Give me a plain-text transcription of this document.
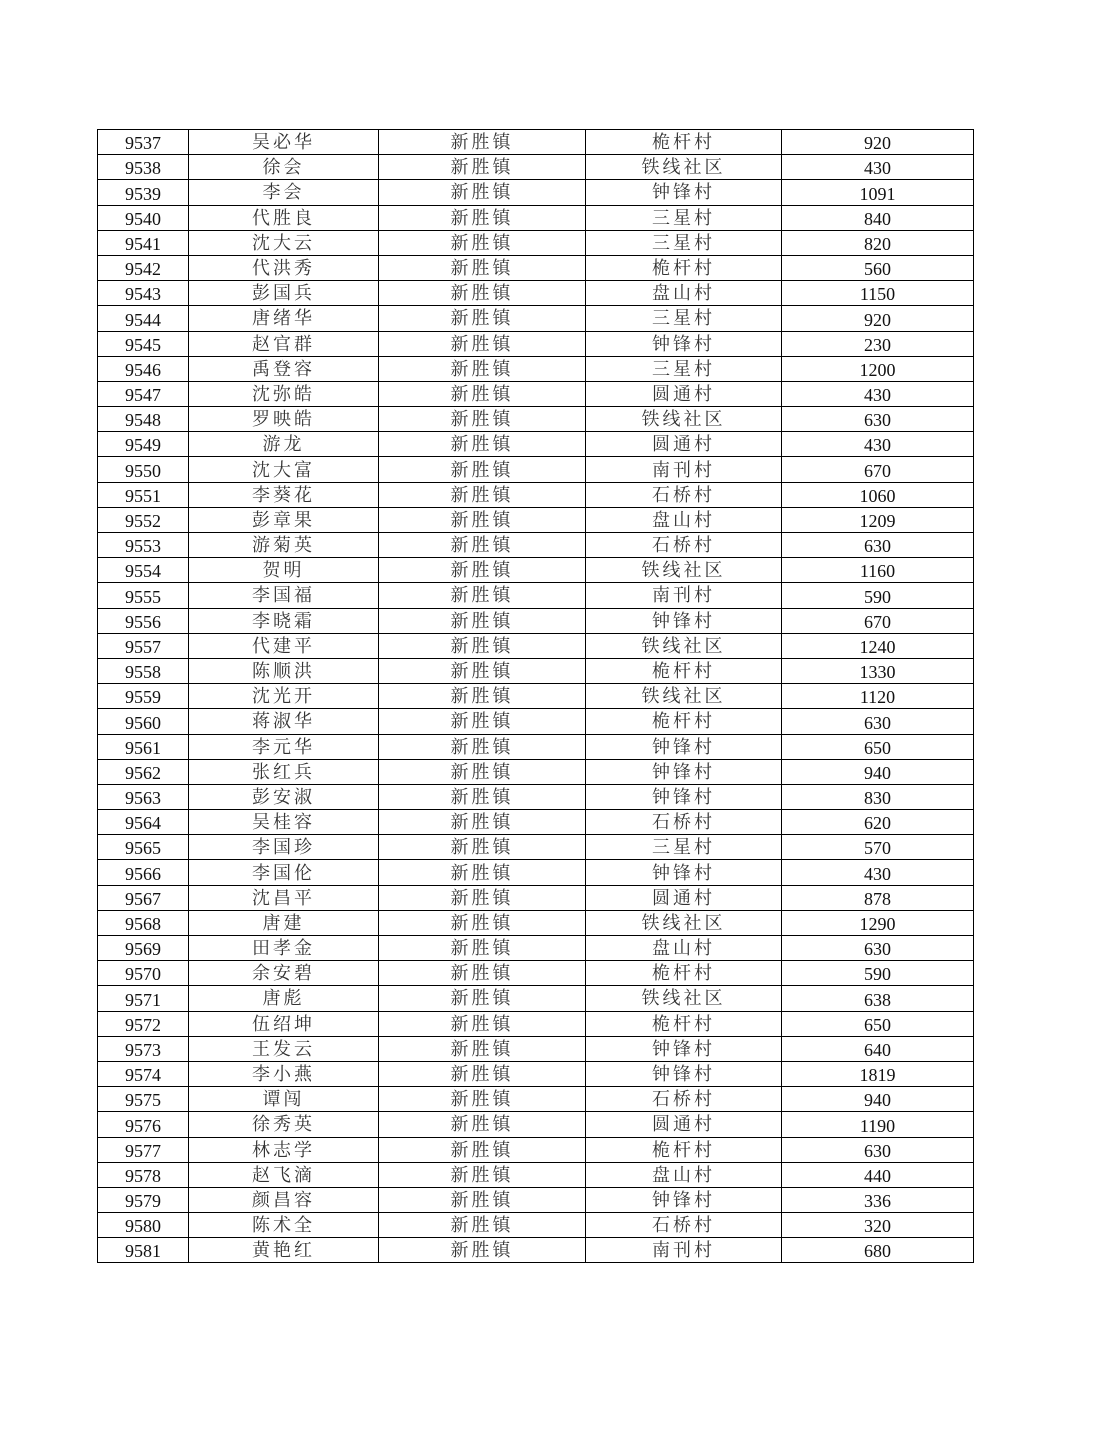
9537	吴必华	新胜镇	桅杆村	920
9538	徐会	新胜镇	铁线社区	430
9539	李会	新胜镇	钟锋村	1091
9540	代胜良	新胜镇	三星村	840
9541	沈大云	新胜镇	三星村	820
9542	代洪秀	新胜镇	桅杆村	560
9543	彭国兵	新胜镇	盘山村	1150
9544	唐绪华	新胜镇	三星村	920
9545	赵官群	新胜镇	钟锋村	230
9546	禹登容	新胜镇	三星村	1200
9547	沈弥皓	新胜镇	圆通村	430
9548	罗映皓	新胜镇	铁线社区	630
9549	游龙	新胜镇	圆通村	430
9550	沈大富	新胜镇	南刊村	670
9551	李葵花	新胜镇	石桥村	1060
9552	彭章果	新胜镇	盘山村	1209
9553	游菊英	新胜镇	石桥村	630
9554	贺明	新胜镇	铁线社区	1160
9555	李国福	新胜镇	南刊村	590
9556	李晓霜	新胜镇	钟锋村	670
9557	代建平	新胜镇	铁线社区	1240
9558	陈顺洪	新胜镇	桅杆村	1330
9559	沈光开	新胜镇	铁线社区	1120
9560	蒋淑华	新胜镇	桅杆村	630
9561	李元华	新胜镇	钟锋村	650
9562	张红兵	新胜镇	钟锋村	940
9563	彭安淑	新胜镇	钟锋村	830
9564	吴桂容	新胜镇	石桥村	620
9565	李国珍	新胜镇	三星村	570
9566	李国伦	新胜镇	钟锋村	430
9567	沈昌平	新胜镇	圆通村	878
9568	唐建	新胜镇	铁线社区	1290
9569	田孝金	新胜镇	盘山村	630
9570	余安碧	新胜镇	桅杆村	590
9571	唐彪	新胜镇	铁线社区	638
9572	伍绍坤	新胜镇	桅杆村	650
9573	王发云	新胜镇	钟锋村	640
9574	李小燕	新胜镇	钟锋村	1819
9575	谭闯	新胜镇	石桥村	940
9576	徐秀英	新胜镇	圆通村	1190
9577	林志学	新胜镇	桅杆村	630
9578	赵飞滴	新胜镇	盘山村	440
9579	颜昌容	新胜镇	钟锋村	336
9580	陈术全	新胜镇	石桥村	320
9581	黄艳红	新胜镇	南刊村	680
